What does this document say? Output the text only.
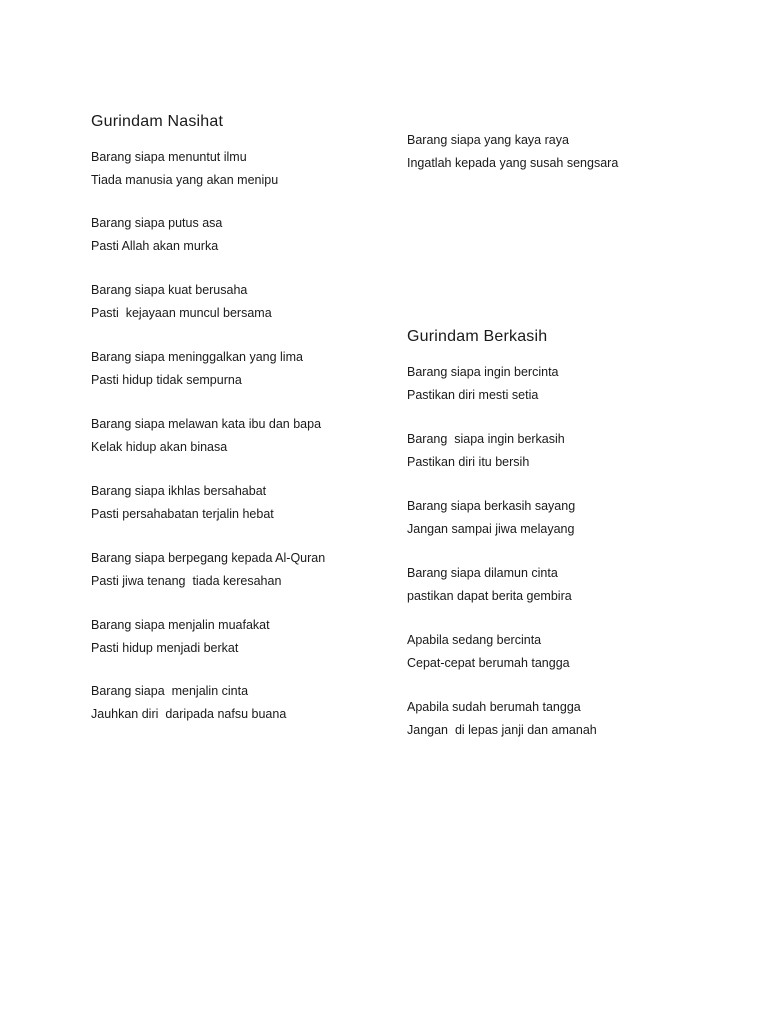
Gurindam Nasihat
Barang siapa menuntut ilmu
Tiada manusia yang akan menipu
Barang siapa putus asa
Pasti Allah akan murka
Barang siapa kuat berusaha
Pasti  kejayaan muncul bersama
Barang siapa meninggalkan yang lima
Pasti hidup tidak sempurna
Barang siapa melawan kata ibu dan bapa
Kelak hidup akan binasa
Barang siapa ikhlas bersahabat
Pasti persahabatan terjalin hebat
Barang siapa berpegang kepada Al-Quran
Pasti jiwa tenang  tiada keresahan
Barang siapa menjalin muafakat
Pasti hidup menjadi berkat
Barang siapa  menjalin cinta
Jauhkan diri  daripada nafsu buana
Barang siapa yang kaya raya
Ingatlah kepada yang susah sengsara
Gurindam Berkasih
Barang siapa ingin bercinta
Pastikan diri mesti setia
Barang  siapa ingin berkasih
Pastikan diri itu bersih
Barang siapa berkasih sayang
Jangan sampai jiwa melayang
Barang siapa dilamun cinta
pastikan dapat berita gembira
Apabila sedang bercinta
Cepat-cepat berumah tangga
Apabila sudah berumah tangga
Jangan  di lepas janji dan amanah
